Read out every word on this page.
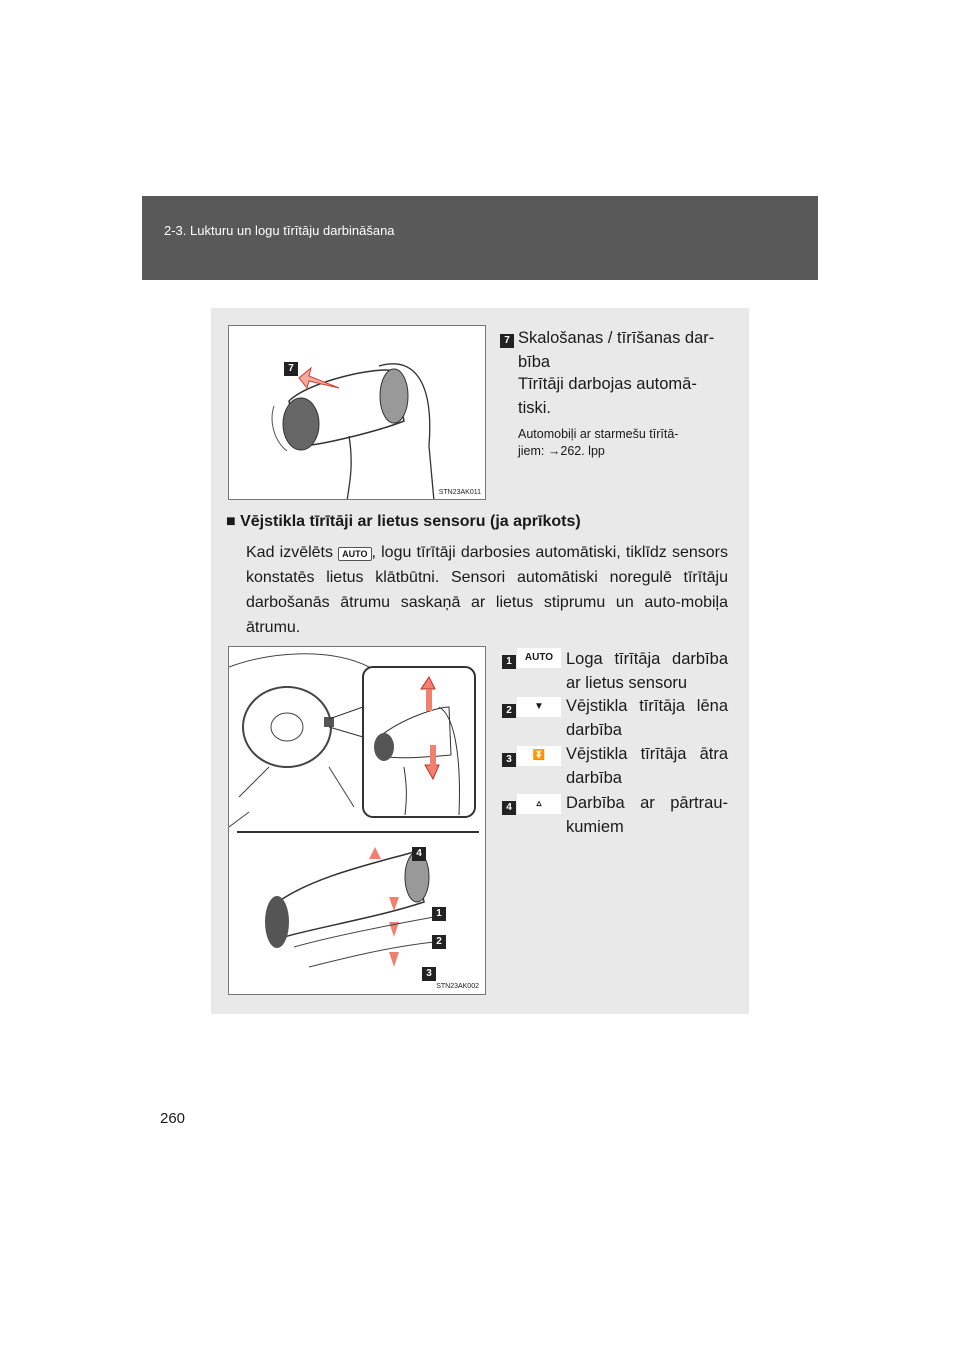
2-3. Lukturu un logu tīrītāju darbināšana
7
STN23AK011
7 Skalošanas / tīrīšanas dar-
bība
Tīrītāji darbojas automā-
tiski.
Automobiļi ar starmešu tīrītā-
jiem: →262. lpp
■ Vējstikla tīrītāji ar lietus sensoru (ja aprīkots)
Kad izvēlēts AUTO , logu tīrītāji darbosies automātiski, tiklīdz sensors konstatēs lietus klātbūtni. Sensori automātiski noregulē tīrītāju darbošanās ātrumu saskaņā ar lietus stiprumu un auto-mobiļa ātrumu.
4
1
2
3
STN23AK002
1	AUTO Loga tīrītāja darbība ar lietus sensoru
2	▼	Vējstikla tīrītāja lēna darbība
3	⏬	Vējstikla tīrītāja ātra darbība
4	▵	Darbība ar pārtrau-kumiem
260
